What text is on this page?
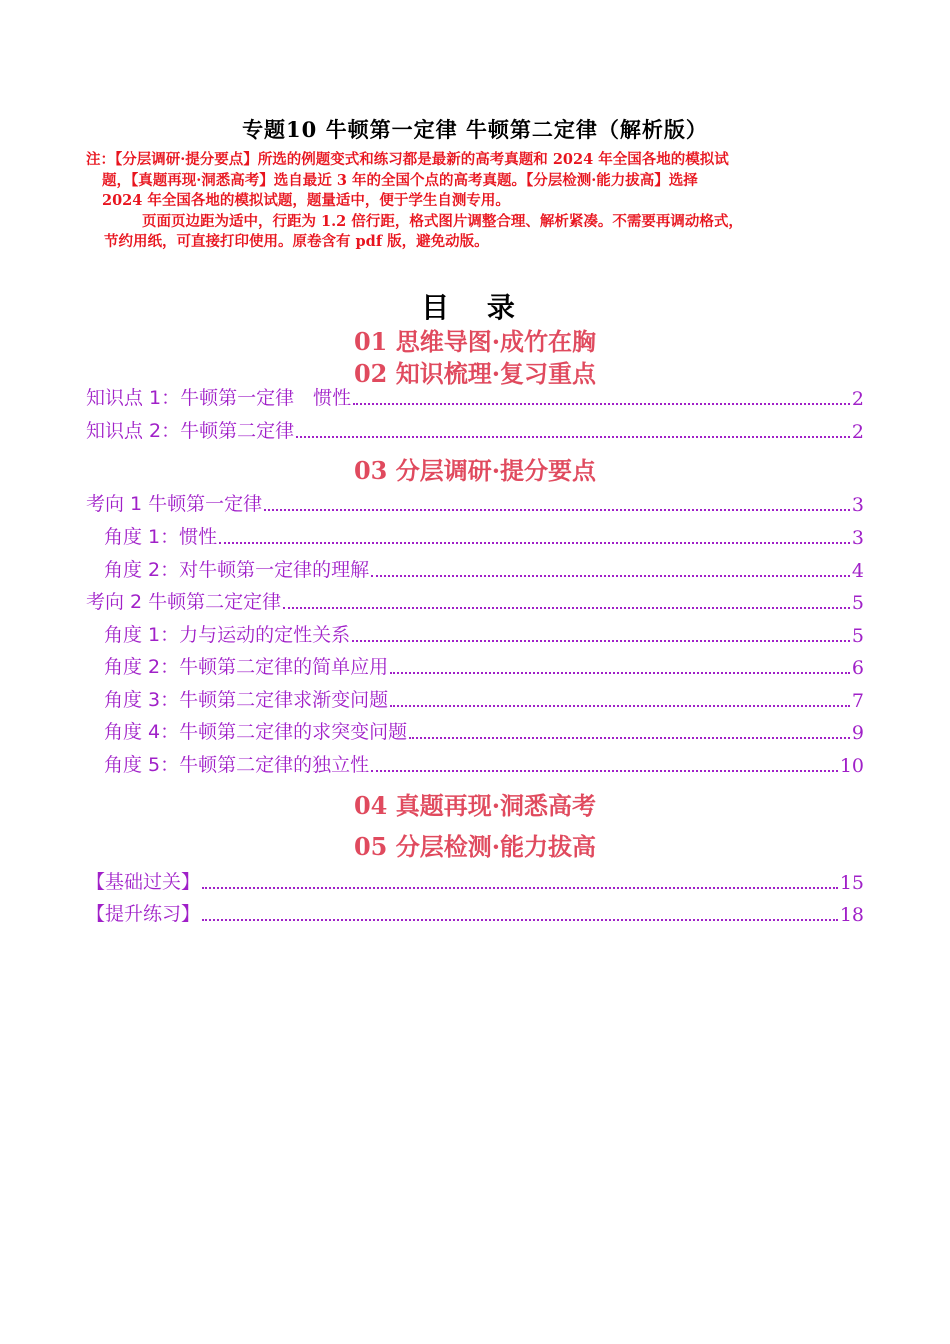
专题10 牛顿第一定律 牛顿第二定律（解析版）
注：【分层调研·提分要点】所选的例题变式和练习都是最新的高考真题和 2024 年全国各地的模拟试
题，【真题再现·洞悉高考】选自最近 3 年的全国个点的高考真题。【分层检测·能力拔高】选择
2024 年全国各地的模拟试题，题量适中，便于学生自测专用。
页面页边距为适中，行距为 1.2 倍行距，格式图片调整合理、解析紧凑。不需要再调动格式，
节约用纸，可直接打印使用。原卷含有 pdf 版，避免动版。
目 录
01 思维导图·成竹在胸
02 知识梳理·复习重点
知识点 1：牛顿第一定律　惯性	2
知识点 2：牛顿第二定律	2
03 分层调研·提分要点
考向 1 牛顿第一定律	3
角度 1：惯性	3
角度 2：对牛顿第一定律的理解	4
考向 2 牛顿第二定定律	5
角度 1：力与运动的定性关系	5
角度 2：牛顿第二定律的简单应用	6
角度 3：牛顿第二定律求渐变问题	7
角度 4：牛顿第二定律的求突变问题	9
角度 5：牛顿第二定律的独立性	10
04 真题再现·洞悉高考
05 分层检测·能力拔高
【基础过关】	15
【提升练习】	18
